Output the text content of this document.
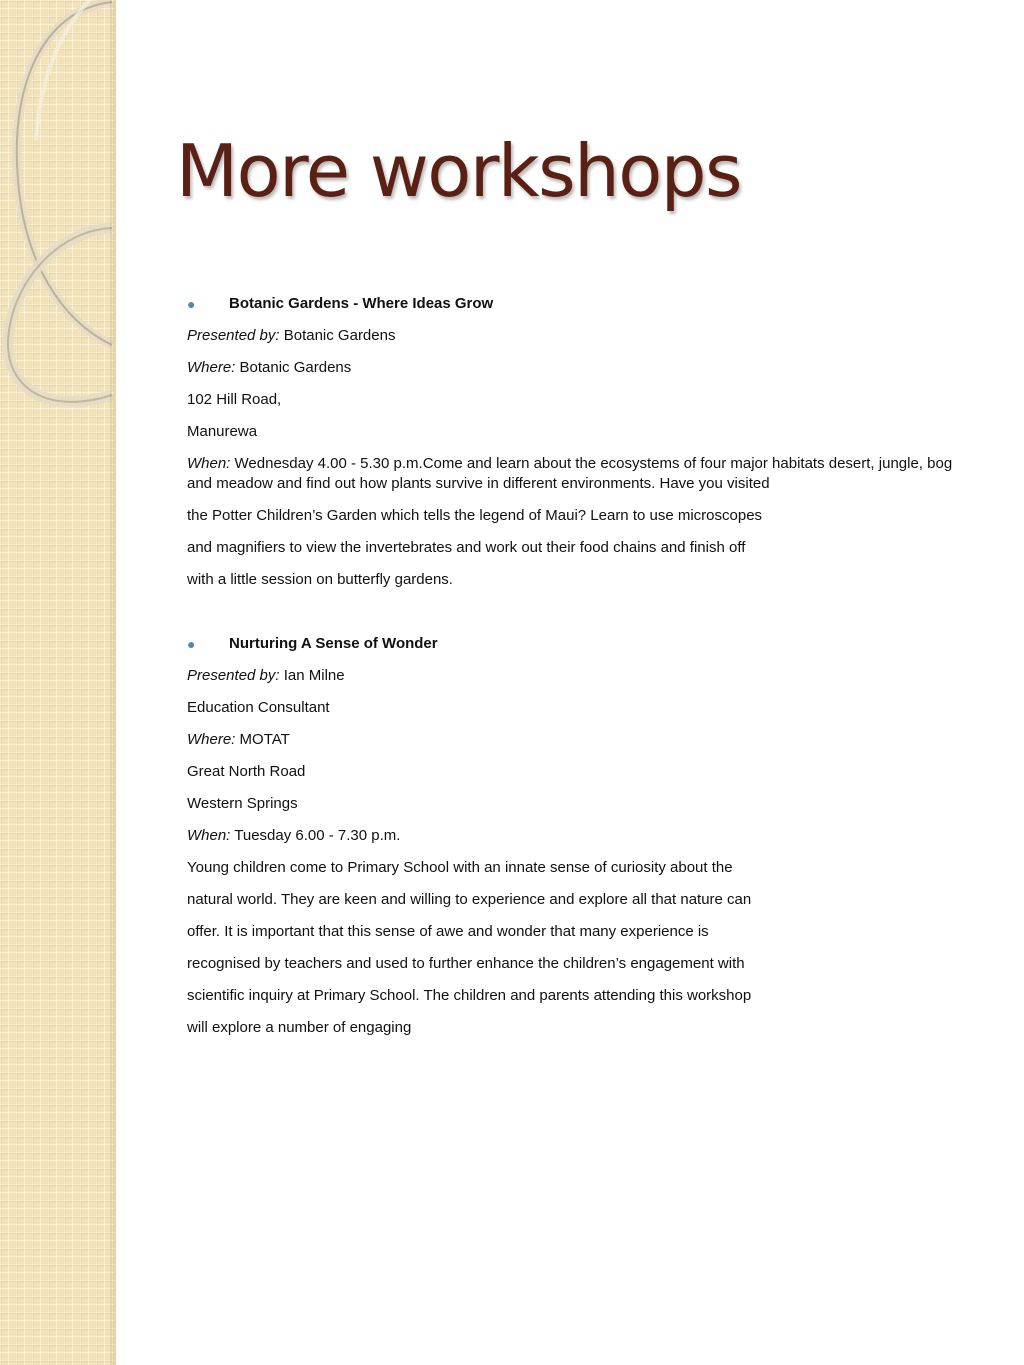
More workshops

●	Botanic Gardens - Where Ideas Grow

Presented by: Botanic Gardens

Where: Botanic Gardens

102 Hill Road,

Manurewa

When: Wednesday 4.00 - 5.30 p.m.Come and learn about the ecosystems of four major habitats desert, jungle, bog

and meadow and find out how plants survive in different environments. Have you visited

the Potter Children’s Garden which tells the legend of Maui? Learn to use microscopes

and magnifiers to view the invertebrates and work out their food chains and finish off

with a little session on butterfly gardens.

●	Nurturing A Sense of Wonder

Presented by: Ian Milne

Education Consultant

Where: MOTAT

Great North Road

Western Springs

When: Tuesday 6.00 - 7.30 p.m.

Young children come to Primary School with an innate sense of curiosity about the

natural world. They are keen and willing to experience and explore all that nature can

offer. It is important that this sense of awe and wonder that many experience is

recognised by teachers and used to further enhance the children’s engagement with

scientific inquiry at Primary School. The children and parents attending this workshop

will explore a number of engaging
